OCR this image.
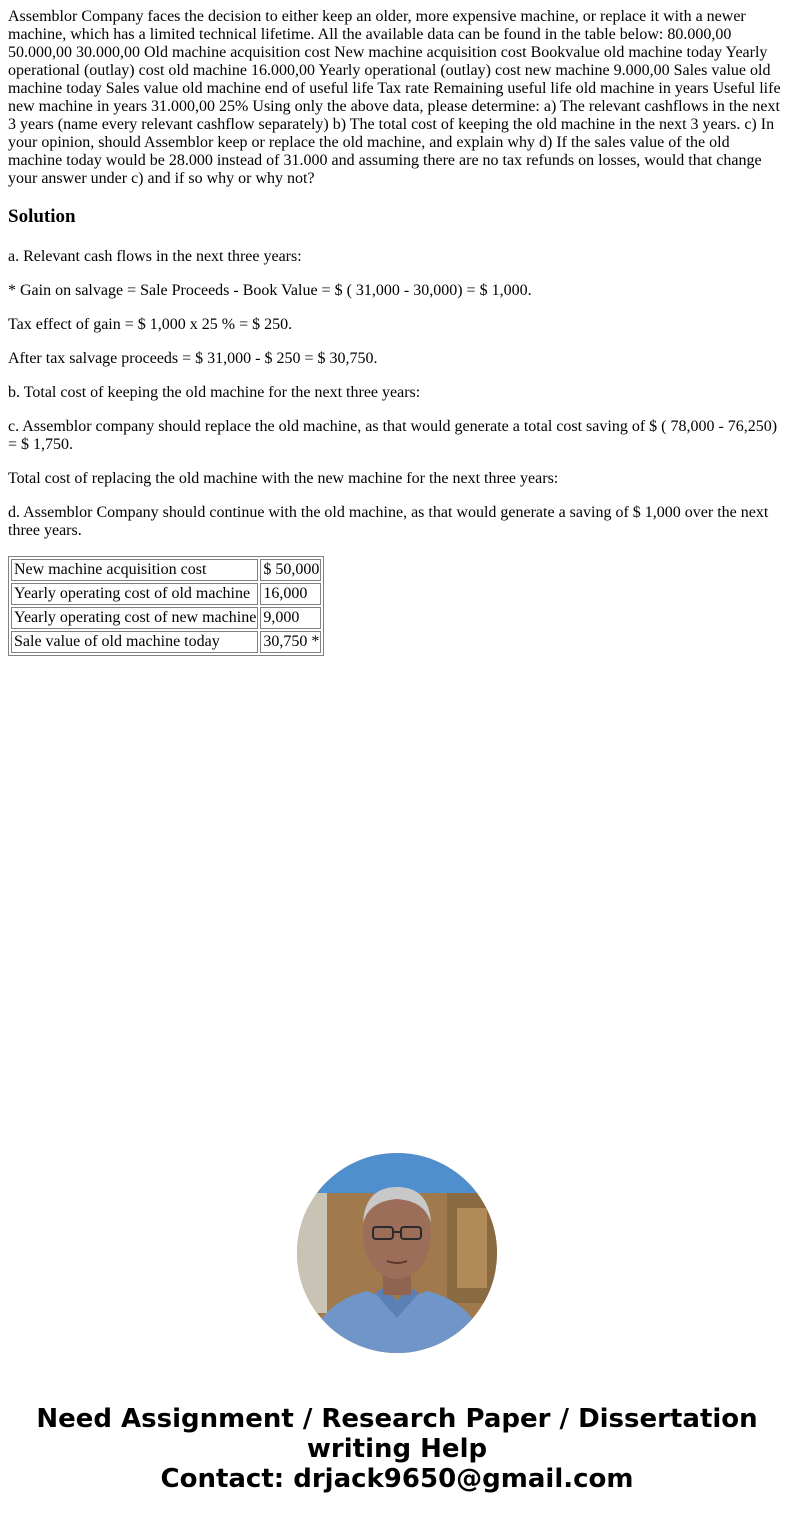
Assemblor Company faces the decision to either keep an older, more expensive machine, or replace it with a newer machine, which has a limited technical lifetime. All the available data can be found in the table below: 80.000,00 50.000,00 30.000,00 Old machine acquisition cost New machine acquisition cost Bookvalue old machine today Yearly operational (outlay) cost old machine 16.000,00 Yearly operational (outlay) cost new machine 9.000,00 Sales value old machine today Sales value old machine end of useful life Tax rate Remaining useful life old machine in years Useful life new machine in years 31.000,00 25% Using only the above data, please determine: a) The relevant cashflows in the next 3 years (name every relevant cashflow separately) b) The total cost of keeping the old machine in the next 3 years. c) In your opinion, should Assemblor keep or replace the old machine, and explain why d) If the sales value of the old machine today would be 28.000 instead of 31.000 and assuming there are no tax refunds on losses, would that change your answer under c) and if so why or why not?

Solution

a. Relevant cash flows in the next three years:

* Gain on salvage = Sale Proceeds - Book Value = $ ( 31,000 - 30,000) = $ 1,000.

Tax effect of gain = $ 1,000 x 25 % = $ 250.

After tax salvage proceeds = $ 31,000 - $ 250 = $ 30,750.

b. Total cost of keeping the old machine for the next three years:

c. Assemblor company should replace the old machine, as that would generate a total cost saving of $ ( 78,000 - 76,250) = $ 1,750.

Total cost of replacing the old machine with the new machine for the next three years:

d. Assemblor Company should continue with the old machine, as that would generate a saving of $ 1,000 over the next three years.

New machine acquisition cost	$ 50,000
Yearly operating cost of old machine	16,000
Yearly operating cost of new machine	9,000
Sale value of old machine today	30,750 *
Need Assignment / Research Paper / Dissertation
writing Help
Contact: drjack9650@gmail.com
